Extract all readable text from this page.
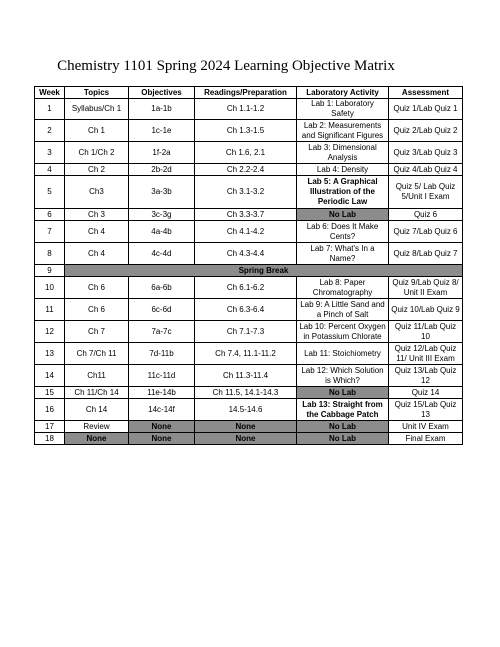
Chemistry 1101 Spring 2024 Learning Objective Matrix
Week	Topics	Objectives	Readings/Preparation	Laboratory Activity	Assessment
1	Syllabus/Ch 1	1a-1b	Ch 1.1-1.2	Lab 1: Laboratory Safety	Quiz 1/Lab Quiz 1
2	Ch 1	1c-1e	Ch 1.3-1.5	Lab 2: Measurements and Significant Figures	Quiz 2/Lab Quiz 2
3	Ch 1/Ch 2	1f-2a	Ch 1.6, 2.1	Lab 3: Dimensional Analysis	Quiz 3/Lab Quiz 3
4	Ch 2	2b-2d	Ch 2.2-2.4	Lab 4: Density	Quiz 4/Lab Quiz 4
5	Ch3	3a-3b	Ch 3.1-3.2	Lab 5: A Graphical Illustration of the Periodic Law	Quiz 5/ Lab Quiz 5/Unit I Exam
6	Ch 3	3c-3g	Ch 3.3-3.7	No Lab	Quiz 6
7	Ch 4	4a-4b	Ch 4.1-4.2	Lab 6: Does It Make Cents?	Quiz 7/Lab Quiz 6
8	Ch 4	4c-4d	Ch 4.3-4.4	Lab 7: What's In a Name?	Quiz 8/Lab Quiz 7
9	Spring Break				
10	Ch 6	6a-6b	Ch 6.1-6.2	Lab 8: Paper Chromatography	Quiz 9/Lab Quiz 8/ Unit II Exam
11	Ch 6	6c-6d	Ch 6.3-6.4	Lab 9: A Little Sand and a Pinch of Salt	Quiz 10/Lab Quiz 9
12	Ch 7	7a-7c	Ch 7.1-7.3	Lab 10: Percent Oxygen in Potassium Chlorate	Quiz 11/Lab Quiz 10
13	Ch 7/Ch 11	7d-11b	Ch 7.4, 11.1-11.2	Lab 11: Stoichiometry	Quiz 12/Lab Quiz 11/ Unit III Exam
14	Ch11	11c-11d	Ch 11.3-11.4	Lab 12: Which Solution is Which?	Quiz 13/Lab Quiz 12
15	Ch 11/Ch 14	11e-14b	Ch 11.5, 14.1-14.3	No Lab	Quiz 14
16	Ch 14	14c-14f	14.5-14.6	Lab 13: Straight from the Cabbage Patch	Quiz 15/Lab Quiz 13
17	Review	None	None	No Lab	Unit IV Exam
18	None	None	None	No Lab	Final Exam
